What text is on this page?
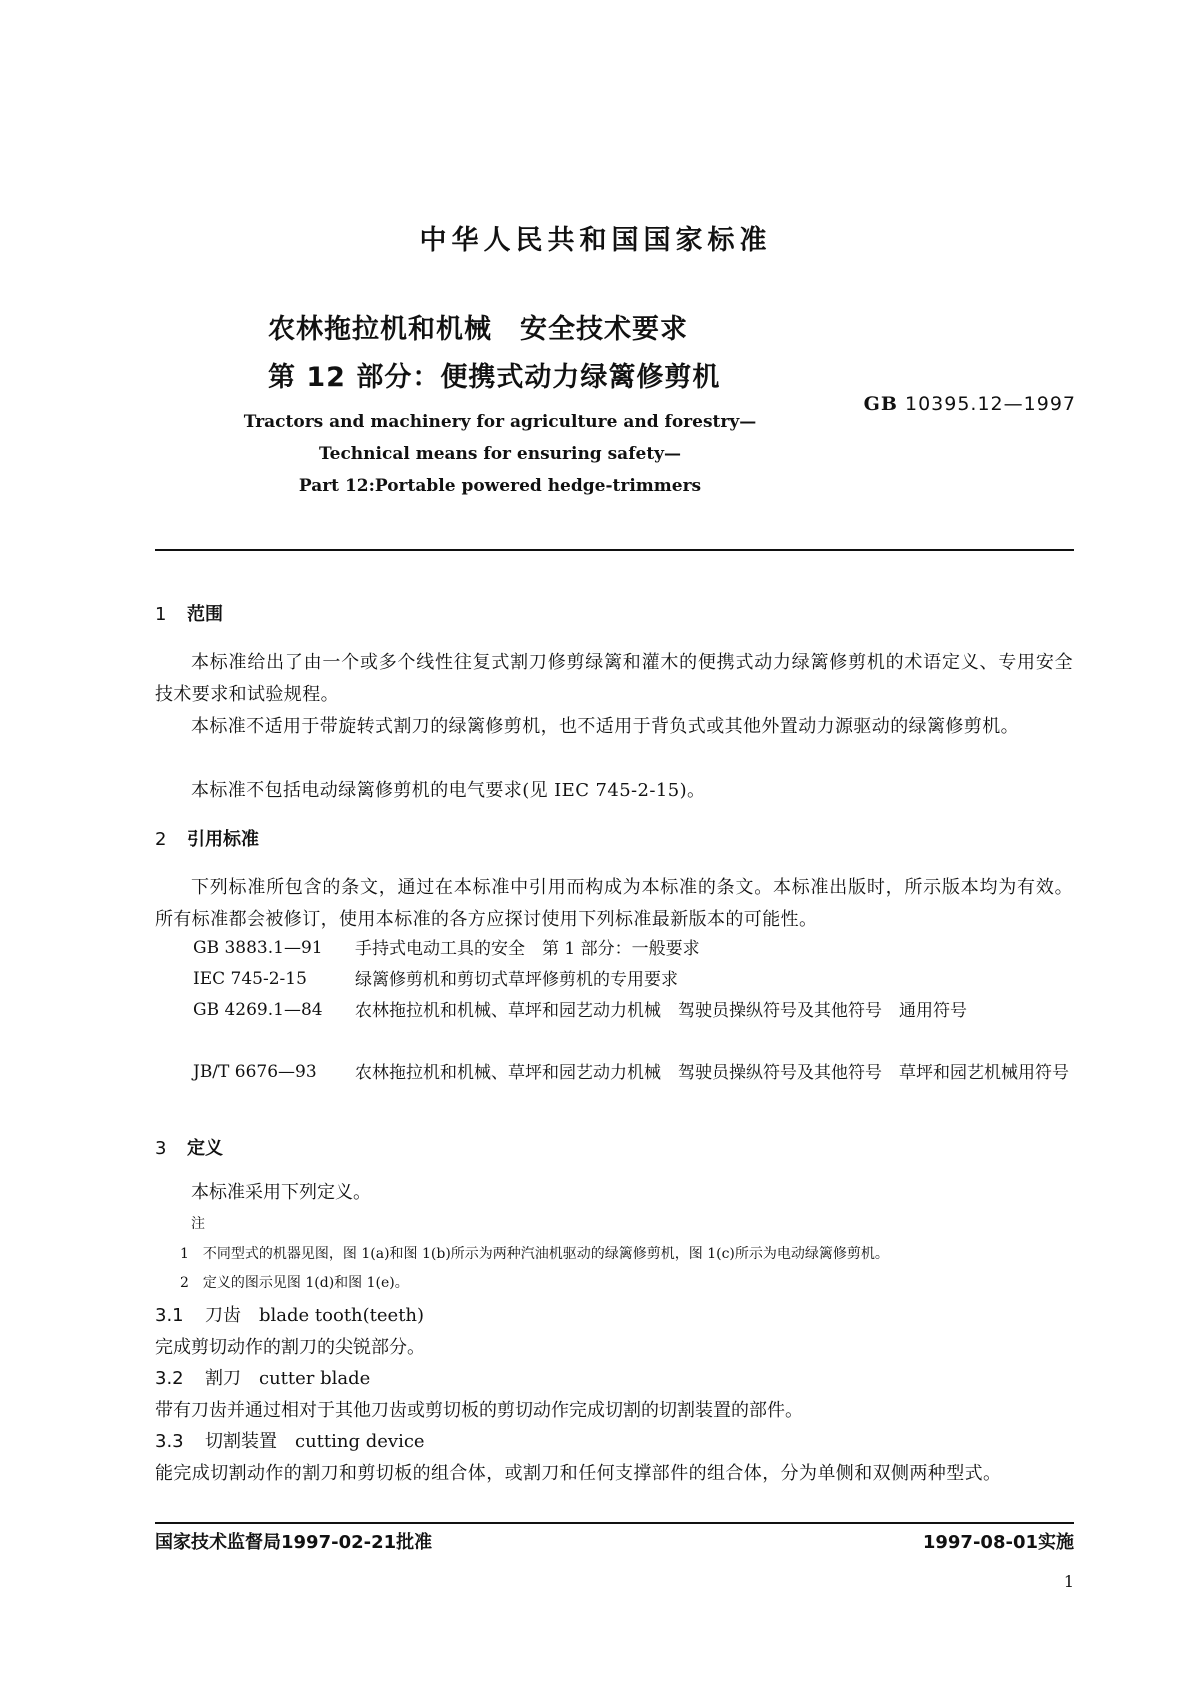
中华人民共和国国家标准
农林拖拉机和机械　安全技术要求
第 12 部分：便携式动力绿篱修剪机
GB 10395.12—1997
Tractors and machinery for agriculture and forestry—
Technical means for ensuring safety—
Part 12:Portable powered hedge-trimmers
1 范围
本标准给出了由一个或多个线性往复式割刀修剪绿篱和灌木的便携式动力绿篱修剪机的术语定义、专用安全技术要求和试验规程。
本标准不适用于带旋转式割刀的绿篱修剪机，也不适用于背负式或其他外置动力源驱动的绿篱修剪机。
本标准不包括电动绿篱修剪机的电气要求(见 IEC 745-2-15)。
2 引用标准
下列标准所包含的条文，通过在本标准中引用而构成为本标准的条文。本标准出版时，所示版本均为有效。所有标准都会被修订，使用本标准的各方应探讨使用下列标准最新版本的可能性。
GB 3883.1—91 手持式电动工具的安全　第 1 部分：一般要求
IEC 745-2-15	绿篱修剪机和剪切式草坪修剪机的专用要求
GB 4269.1—84 农林拖拉机和机械、草坪和园艺动力机械　驾驶员操纵符号及其他符号　通用符号
JB/T 6676—93 农林拖拉机和机械、草坪和园艺动力机械　驾驶员操纵符号及其他符号　草坪和园艺机械用符号
3 定义
本标准采用下列定义。
注
1　不同型式的机器见图，图 1(a)和图 1(b)所示为两种汽油机驱动的绿篱修剪机，图 1(c)所示为电动绿篱修剪机。
2　定义的图示见图 1(d)和图 1(e)。
3.1 刀齿　blade tooth(teeth)
完成剪切动作的割刀的尖锐部分。
3.2 割刀　cutter blade
带有刀齿并通过相对于其他刀齿或剪切板的剪切动作完成切割的切割装置的部件。
3.3 切割装置　cutting device
能完成切割动作的割刀和剪切板的组合体，或割刀和任何支撑部件的组合体，分为单侧和双侧两种型式。
国家技术监督局1997-02-21批准	1997-08-01实施
1
